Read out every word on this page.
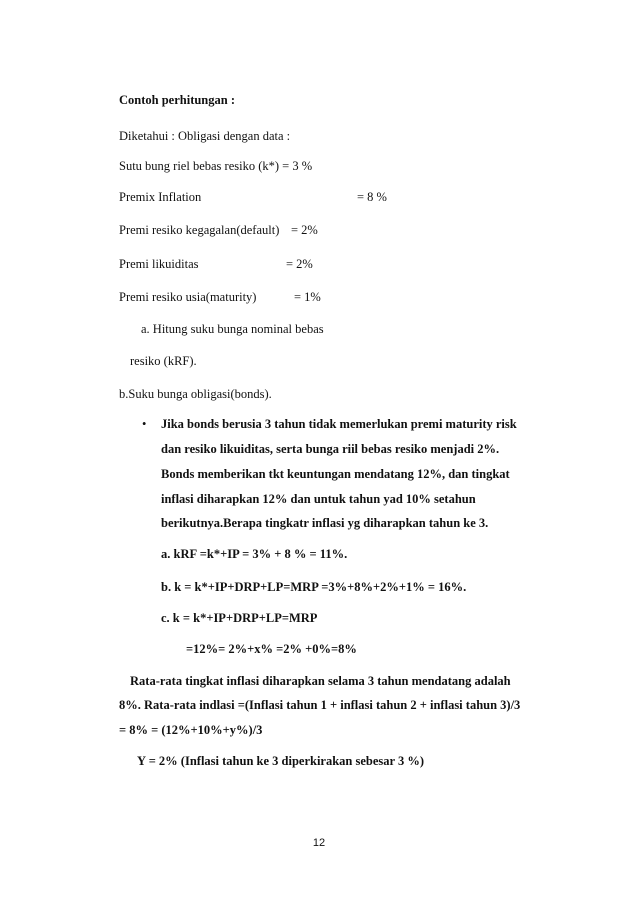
Contoh perhitungan :
Diketahui : Obligasi dengan data :
Sutu bung riel bebas resiko (k*) = 3 %
Premix Inflation	= 8 %
Premi resiko kegagalan(default) = 2%
Premi likuiditas	= 2%
Premi resiko usia(maturity)	= 1%
a. Hitung suku bunga nominal bebas
resiko (kRF).
b.Suku bunga obligasi(bonds).
• Jika bonds berusia 3 tahun tidak memerlukan premi maturity risk
dan resiko likuiditas, serta bunga riil bebas resiko menjadi 2%.
Bonds memberikan tkt keuntungan mendatang 12%, dan tingkat
inflasi diharapkan 12% dan untuk tahun yad 10% setahun
berikutnya.Berapa tingkatr inflasi yg diharapkan tahun ke 3.
a. kRF =k*+IP = 3% + 8 % = 11%.
b. k = k*+IP+DRP+LP=MRP =3%+8%+2%+1% = 16%.
c. k = k*+IP+DRP+LP=MRP
=12%= 2%+x% =2% +0%=8%
Rata-rata tingkat inflasi diharapkan selama 3 tahun mendatang adalah
8%. Rata-rata indlasi =(Inflasi tahun 1 + inflasi tahun 2 + inflasi tahun 3)/3
= 8% = (12%+10%+y%)/3
Y = 2% (Inflasi tahun ke 3 diperkirakan sebesar 3 %)
12
